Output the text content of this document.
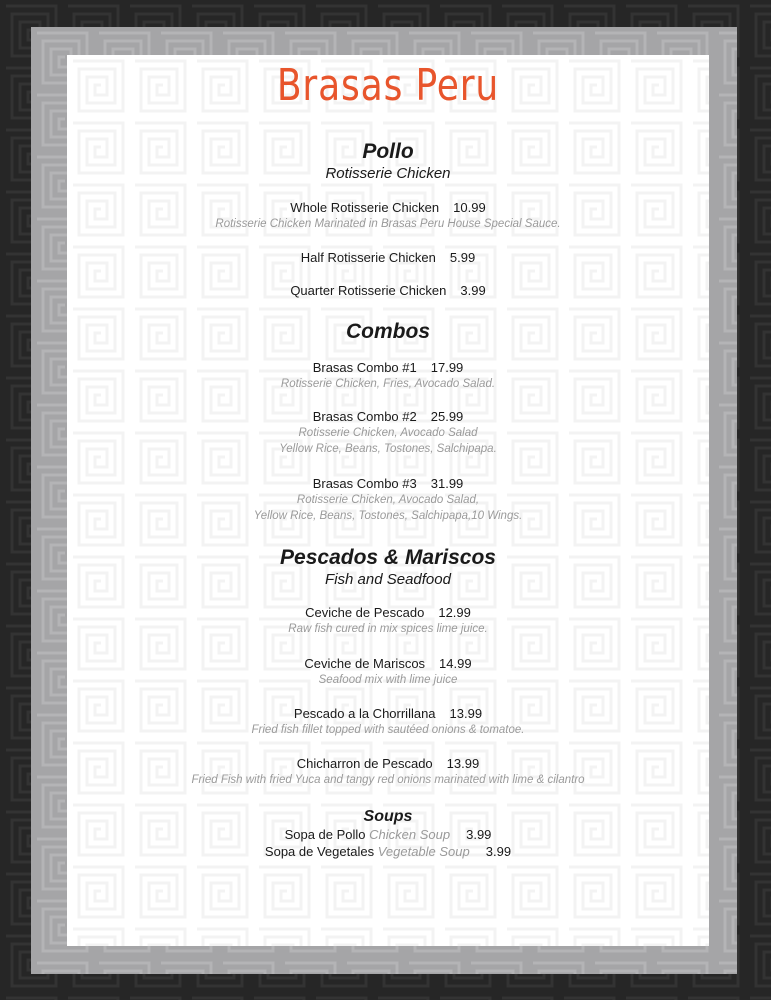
Brasas Peru
Pollo
Rotisserie Chicken
Whole Rotisserie Chicken 10.99
Rotisserie Chicken Marinated in Brasas Peru House Special Sauce.
Half Rotisserie Chicken 5.99
Quarter Rotisserie Chicken 3.99
Combos
Brasas Combo #1 17.99
Rotisserie Chicken, Fries, Avocado Salad.
Brasas Combo #2 25.99
Rotisserie Chicken, Avocado Salad
Yellow Rice, Beans, Tostones, Salchipapa.
Brasas Combo #3 31.99
Rotisserie Chicken, Avocado Salad,
Yellow Rice, Beans, Tostones, Salchipapa,10 Wings.
Pescados & Mariscos
Fish and Seadfood
Ceviche de Pescado 12.99
Raw fish cured in mix spices lime juice.
Ceviche de Mariscos 14.99
Seafood mix with lime juice
Pescado a la Chorrillana 13.99
Fried fish fillet topped with sautéed onions & tomatoe.
Chicharron de Pescado 13.99
Fried Fish with fried Yuca and tangy red onions marinated with lime & cilantro
Soups
Sopa de Pollo Chicken Soup 3.99
Sopa de Vegetales Vegetable Soup 3.99
